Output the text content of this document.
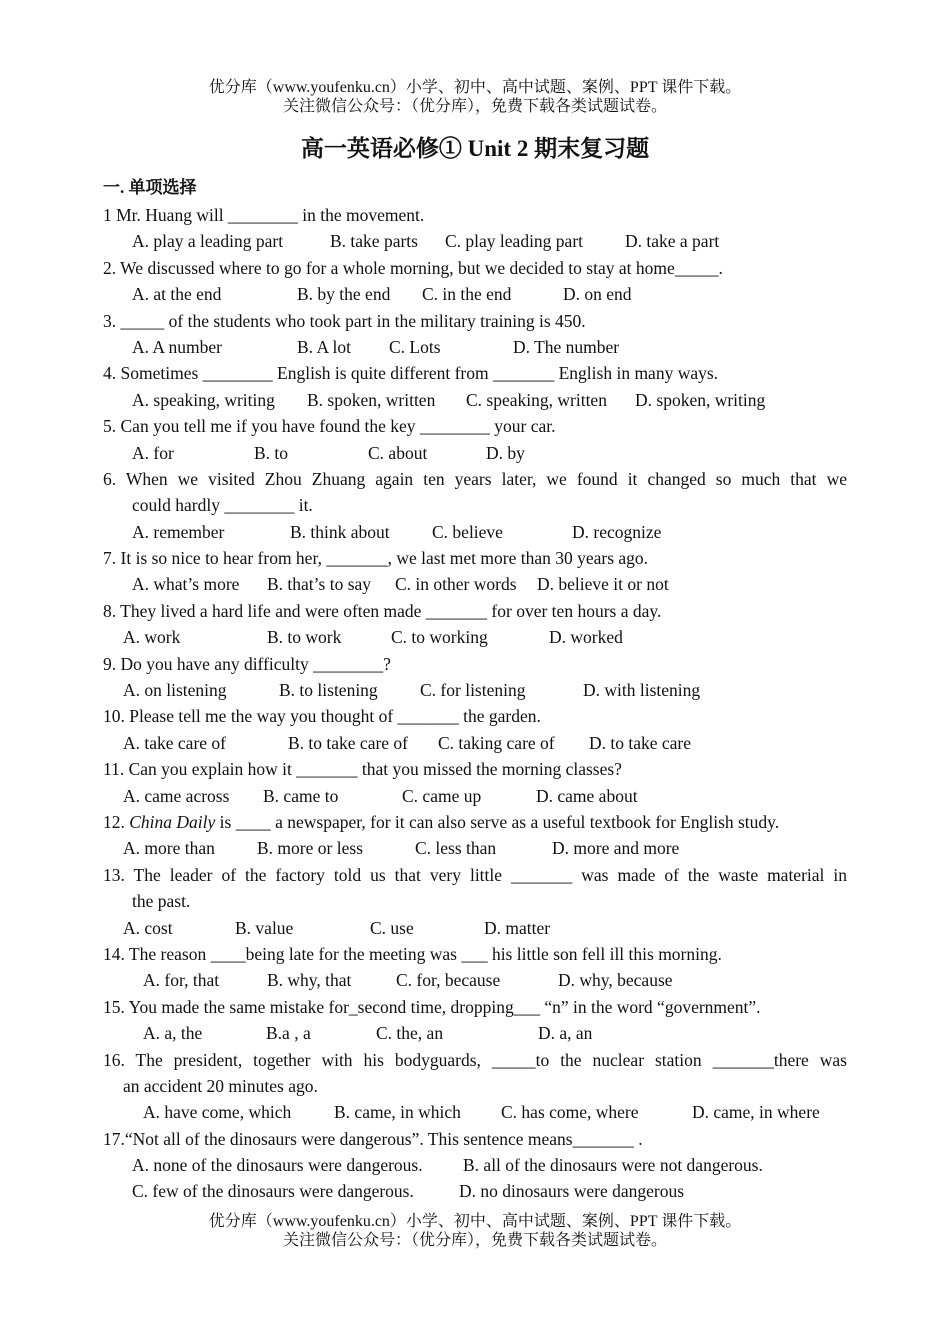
优分库（www.youfenku.cn）小学、初中、高中试题、案例、PPT 课件下载。
关注微信公众号：（优分库），免费下载各类试题试卷。
高一英语必修① Unit 2 期末复习题
一. 单项选择
1 Mr. Huang will ________ in the movement.
A. play a leading part	B. take parts C. play leading part D. take a part
2. We discussed where to go for a whole morning, but we decided to stay at home_____.
A. at the end	B. by the end C. in the end	D. on end
3. _____ of the students who took part in the military training is 450.
A. A number	B. A lot C. Lots	D. The number
4. Sometimes ________ English is quite different from _______ English in many ways.
A. speaking, writing B. spoken, written C. speaking, written D. spoken, writing
5. Can you tell me if you have found the key ________ your car.
A. for	B. to	C. about	D. by
6. When we visited Zhou Zhuang again ten years later, we found it changed so much that we
could hardly ________ it.
A. remember	B. think about C. believe	D. recognize
7. It is so nice to hear from her, _______, we last met more than 30 years ago.
A. what’s more B. that’s to say C. in other words D. believe it or not
8. They lived a hard life and were often made _______ for over ten hours a day.
A. work	B. to work	C. to working	D. worked
9. Do you have any difficulty ________?
A. on listening	B. to listening C. for listening	D. with listening
10. Please tell me the way you thought of _______ the garden.
A. take care of	B. to take care of C. taking care of D. to take care
11. Can you explain how it _______ that you missed the morning classes?
A. came across B. came to	C. came up	D. came about
12. China Daily is ____ a newspaper, for it can also serve as a useful textbook for English study.
A. more than B. more or less	C. less than	D. more and more
13. The leader of the factory told us that very little _______ was made of the waste material in
the past.
A. cost	B. value	C. use	D. matter
14. The reason ____being late for the meeting was ___ his little son fell ill this morning.
A. for, that	B. why, that	C. for, because	D. why, because
15. You made the same mistake for_second time, dropping___ “n” in the word “government”.
A. a, the	B.a , a	C. the, an	D. a, an
16. The president, together with his bodyguards, _____to the nuclear station _______there was
an accident 20 minutes ago.
A. have come, which B. came, in which C. has come, where	D. came, in where
17.“Not all of the dinosaurs were dangerous”. This sentence means_______ .
A. none of the dinosaurs were dangerous. B. all of the dinosaurs were not dangerous.
C. few of the dinosaurs were dangerous.	D. no dinosaurs were dangerous
优分库（www.youfenku.cn）小学、初中、高中试题、案例、PPT 课件下载。
关注微信公众号：（优分库），免费下载各类试题试卷。
